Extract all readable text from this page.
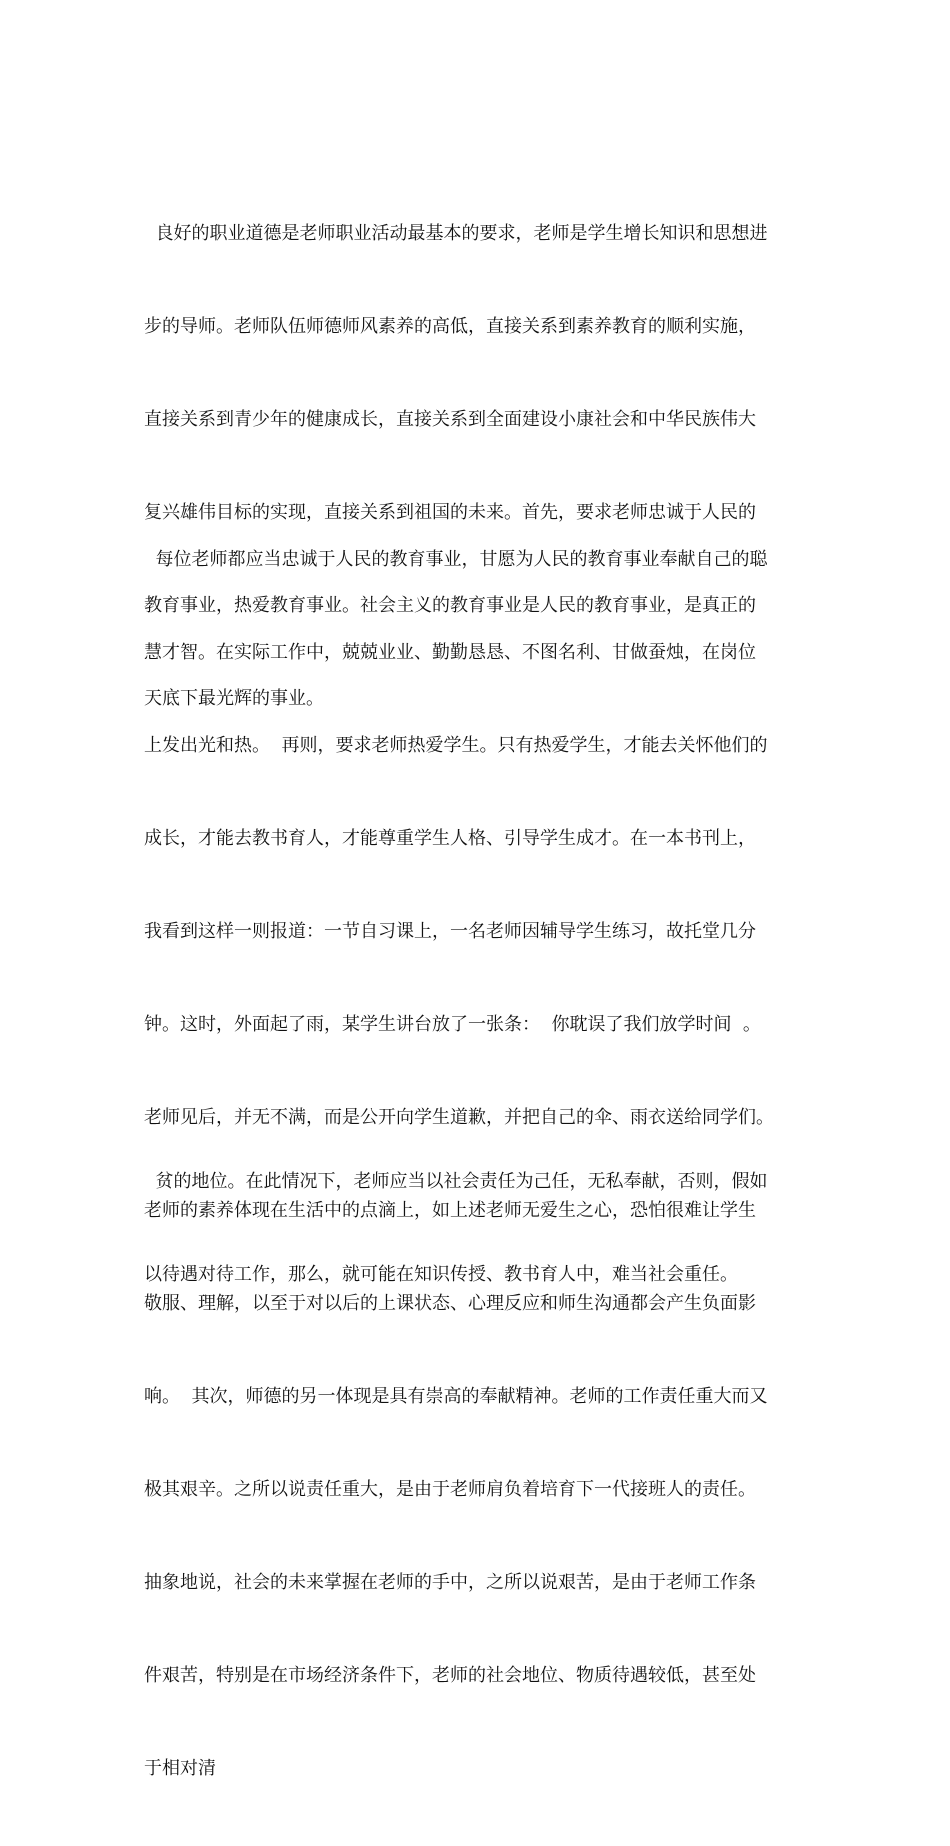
良好的职业道德是老师职业活动最基本的要求，老师是学生增长知识和思想进

步的导师。老师队伍师德师风素养的高低，直接关系到素养教育的顺利实施，

直接关系到青少年的健康成长，直接关系到全面建设小康社会和中华民族伟大

复兴雄伟目标的实现，直接关系到祖国的未来。首先，要求老师忠诚于人民的

教育事业，热爱教育事业。社会主义的教育事业是人民的教育事业，是真正的

天底下最光辉的事业。

每位老师都应当忠诚于人民的教育事业，甘愿为人民的教育事业奉献自己的聪

慧才智。在实际工作中，兢兢业业、勤勤恳恳、不图名利、甘做蚕烛，在岗位

上发出光和热。  再则，要求老师热爱学生。只有热爱学生，才能去关怀他们的

成长，才能去教书育人，才能尊重学生人格、引导学生成才。在一本书刊上，

我看到这样一则报道：一节自习课上，一名老师因辅导学生练习，故托堂几分

钟。这时，外面起了雨，某学生讲台放了一张条：  你耽误了我们放学时间  。

老师见后，并无不满，而是公开向学生道歉，并把自己的伞、雨衣送给同学们。

老师的素养体现在生活中的点滴上，如上述老师无爱生之心，恐怕很难让学生

敬服、理解，以至于对以后的上课状态、心理反应和师生沟通都会产生负面影

响。  其次，师德的另一体现是具有崇高的奉献精神。老师的工作责任重大而又

极其艰辛。之所以说责任重大，是由于老师肩负着培育下一代接班人的责任。

抽象地说，社会的未来掌握在老师的手中，之所以说艰苦，是由于老师工作条

件艰苦，特别是在市场经济条件下，老师的社会地位、物质待遇较低，甚至处

于相对清

贫的地位。在此情况下，老师应当以社会责任为己任，无私奉献，否则，假如

以待遇对待工作，那么，就可能在知识传授、教书育人中，难当社会重任。
